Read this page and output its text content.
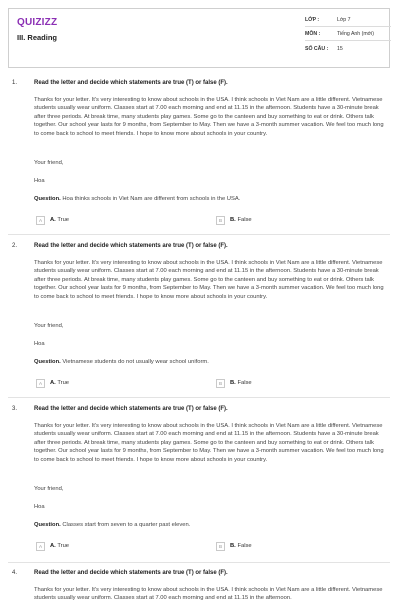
QUIZIZZ
III. Reading
LỚP :	Lớp 7
MÔN :	Tiếng Anh (mới)
SỐ CÂU : 15
1.	Read the letter and decide which statements are true (T) or false (F).
Thanks for your letter. It's very interesting to know about schools in the USA. I think schools in Viet Nam are a little different. Vietnamese students usually wear uniform. Classes start at 7.00 each morning and end at 11.15 in the afternoon. Students have a 30-minute break after three periods. At break time, many students play games. Some go to the canteen and buy something to eat or drink. Others talk together. Our school year lasts for 9 months, from September to May. Then we have a 3-month summer vacation. We feel too much long to come back to school to meet friends. I hope to know more about schools in your country.
Your friend,
Hoa
Question. Hoa thinks schools in Viet Nam are different from schools in the USA.
A	A. True	B	B. False
2.	Read the letter and decide which statements are true (T) or false (F).
Thanks for your letter. It's very interesting to know about schools in the USA. I think schools in Viet Nam are a little different. Vietnamese students usually wear uniform. Classes start at 7.00 each morning and end at 11.15 in the afternoon. Students have a 30-minute break after three periods. At break time, many students play games. Some go to the canteen and buy something to eat or drink. Others talk together. Our school year lasts for 9 months, from September to May. Then we have a 3-month summer vacation. We feel too much long to come back to school to meet friends. I hope to know more about schools in your country.
Your friend,
Hoa
Question. Vietnamese students do not usually wear school uniform.
A	A. True	B	B. False
3.	Read the letter and decide which statements are true (T) or false (F).
Thanks for your letter. It's very interesting to know about schools in the USA. I think schools in Viet Nam are a little different. Vietnamese students usually wear uniform. Classes start at 7.00 each morning and end at 11.15 in the afternoon. Students have a 30-minute break after three periods. At break time, many students play games. Some go to the canteen and buy something to eat or drink. Others talk together. Our school year lasts for 9 months, from September to May. Then we have a 3-month summer vacation. We feel too much long to come back to school to meet friends. I hope to know more about schools in your country.
Your friend,
Hoa
Question. Classes start from seven to a quarter past eleven.
A	A. True	B	B. False
4.	Read the letter and decide which statements are true (T) or false (F).
Thanks for your letter. It's very interesting to know about schools in the USA. I think schools in Viet Nam are a little different. Vietnamese students usually wear uniform. Classes start at 7.00 each morning and end at 11.15 in the afternoon.
